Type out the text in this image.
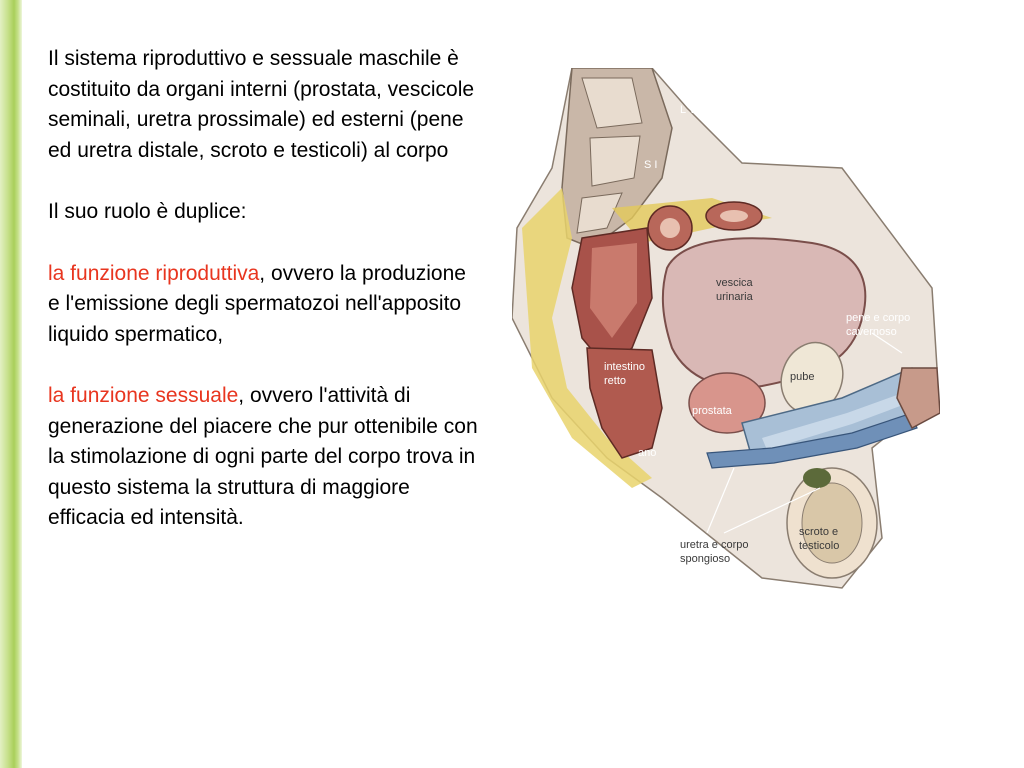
Il sistema riproduttivo e sessuale maschile è costituito da organi interni (prostata, vescicole seminali, uretra prossimale) ed esterni (pene ed uretra distale, scroto e testicoli) al corpo

Il suo ruolo è duplice:

la funzione riproduttiva, ovvero la produzione e l'emissione degli spermatozoi nell'apposito liquido spermatico,

la funzione sessuale, ovvero l'attività di generazione del piacere che pur ottenibile con la stimolazione di ogni parte del corpo trova in questo sistema la struttura di maggiore efficacia ed intensità.

L V
S I
vescica
urinaria
pene e corpo
cavernoso
intestino
retto	pube
prostata
ano
uretra e corpo
spongioso
scroto e
testicolo	glande
